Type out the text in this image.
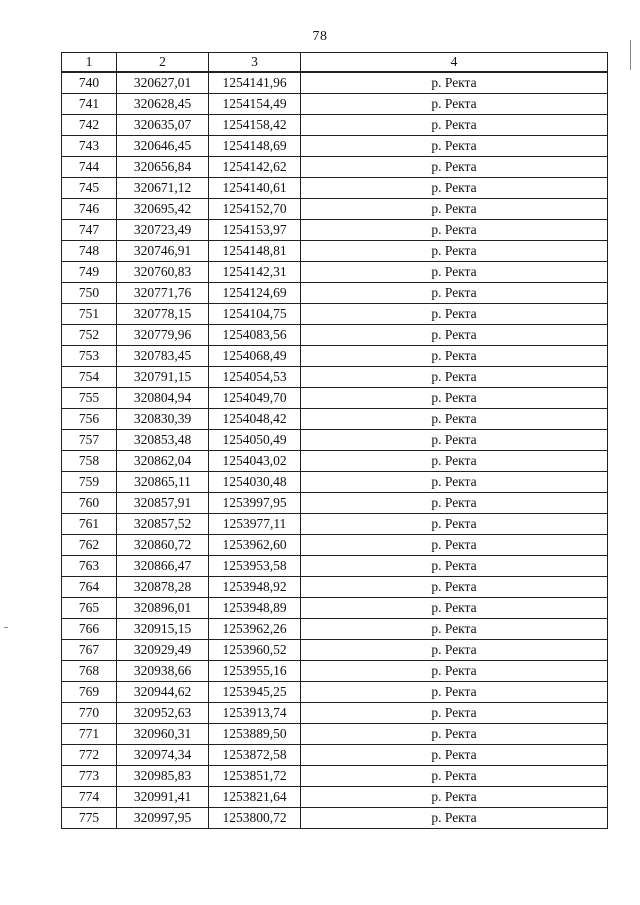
78
1	2	3	4
740	320627,01	1254141,96	р. Ректа
741	320628,45	1254154,49	р. Ректа
742	320635,07	1254158,42	р. Ректа
743	320646,45	1254148,69	р. Ректа
744	320656,84	1254142,62	р. Ректа
745	320671,12	1254140,61	р. Ректа
746	320695,42	1254152,70	р. Ректа
747	320723,49	1254153,97	р. Ректа
748	320746,91	1254148,81	р. Ректа
749	320760,83	1254142,31	р. Ректа
750	320771,76	1254124,69	р. Ректа
751	320778,15	1254104,75	р. Ректа
752	320779,96	1254083,56	р. Ректа
753	320783,45	1254068,49	р. Ректа
754	320791,15	1254054,53	р. Ректа
755	320804,94	1254049,70	р. Ректа
756	320830,39	1254048,42	р. Ректа
757	320853,48	1254050,49	р. Ректа
758	320862,04	1254043,02	р. Ректа
759	320865,11	1254030,48	р. Ректа
760	320857,91	1253997,95	р. Ректа
761	320857,52	1253977,11	р. Ректа
762	320860,72	1253962,60	р. Ректа
763	320866,47	1253953,58	р. Ректа
764	320878,28	1253948,92	р. Ректа
765	320896,01	1253948,89	р. Ректа
766	320915,15	1253962,26	р. Ректа
767	320929,49	1253960,52	р. Ректа
768	320938,66	1253955,16	р. Ректа
769	320944,62	1253945,25	р. Ректа
770	320952,63	1253913,74	р. Ректа
771	320960,31	1253889,50	р. Ректа
772	320974,34	1253872,58	р. Ректа
773	320985,83	1253851,72	р. Ректа
774	320991,41	1253821,64	р. Ректа
775	320997,95	1253800,72	р. Ректа
